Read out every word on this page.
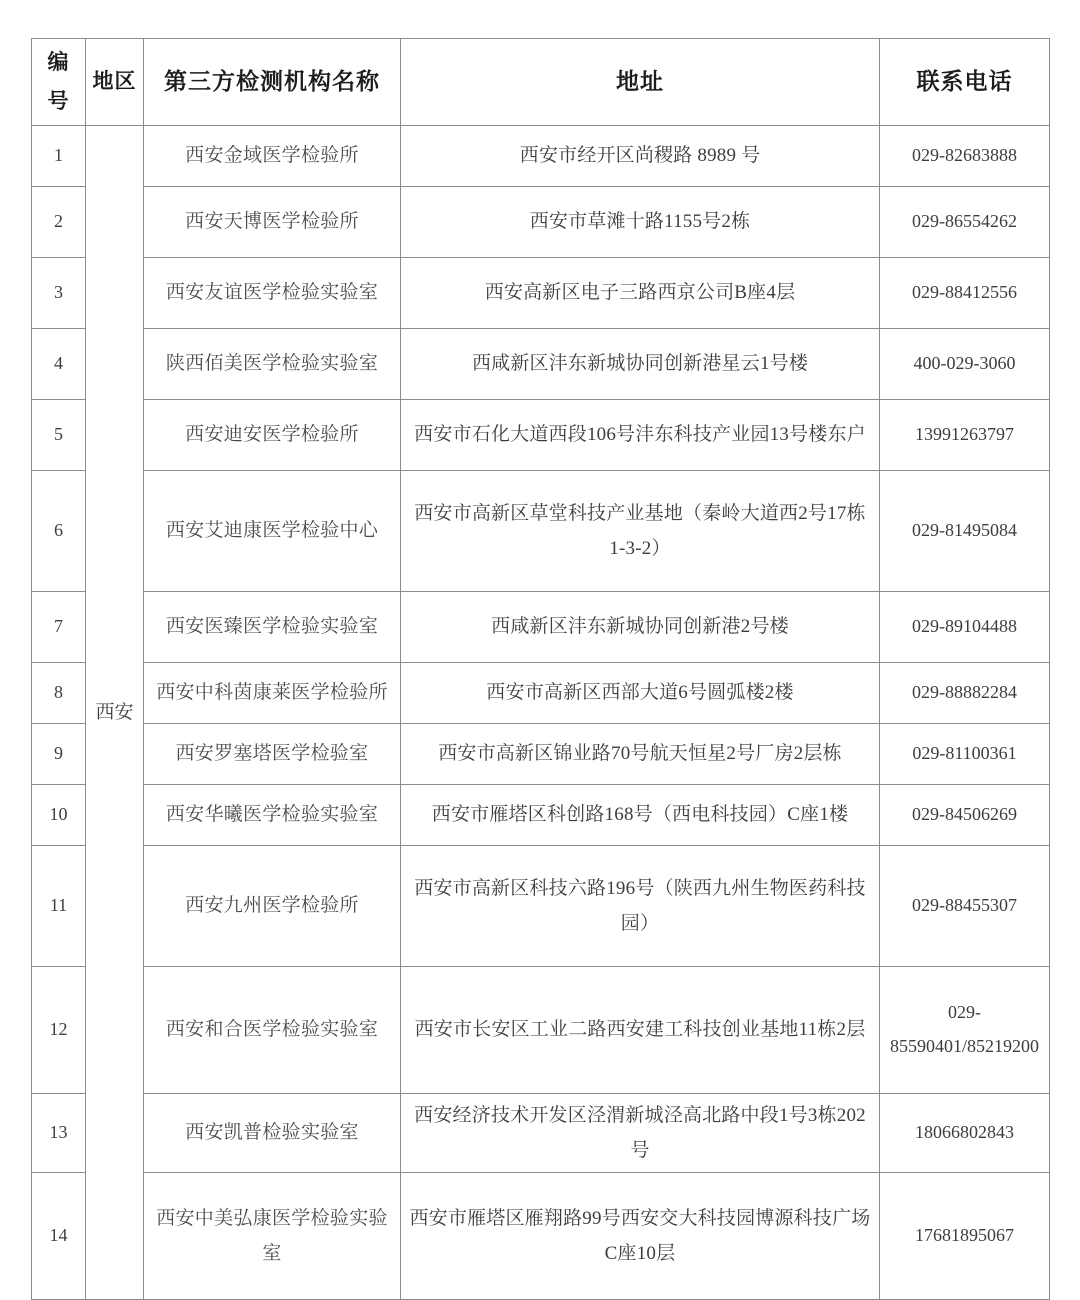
编号	地区	第三方检测机构名称	地址	联系电话
1	西安	西安金域医学检验所	西安市经开区尚稷路 8989 号	029-82683888
2		西安天博医学检验所	西安市草滩十路1155号2栋	029-86554262
3		西安友谊医学检验实验室	西安高新区电子三路西京公司B座4层	029-88412556
4		陕西佰美医学检验实验室	西咸新区沣东新城协同创新港星云1号楼	400-029-3060
5		西安迪安医学检验所	西安市石化大道西段106号沣东科技产业园13号楼东户	13991263797
6		西安艾迪康医学检验中心	西安市高新区草堂科技产业基地（秦岭大道西2号17栋1-3-2）	029-81495084
7		西安医臻医学检验实验室	西咸新区沣东新城协同创新港2号楼	029-89104488
8		西安中科茵康莱医学检验所	西安市高新区西部大道6号圆弧楼2楼	029-88882284
9		西安罗塞塔医学检验室	西安市高新区锦业路70号航天恒星2号厂房2层栋	029-81100361
10		西安华曦医学检验实验室	西安市雁塔区科创路168号（西电科技园）C座1楼	029-84506269
11		西安九州医学检验所	西安市高新区科技六路196号（陕西九州生物医药科技园）	029-88455307
12		西安和合医学检验实验室	西安市长安区工业二路西安建工科技创业基地11栋2层	029-85590401/85219200
13		西安凯普检验实验室	西安经济技术开发区泾渭新城泾高北路中段1号3栋202号	18066802843
14		西安中美弘康医学检验实验室	西安市雁塔区雁翔路99号西安交大科技园博源科技广场C座10层	17681895067
